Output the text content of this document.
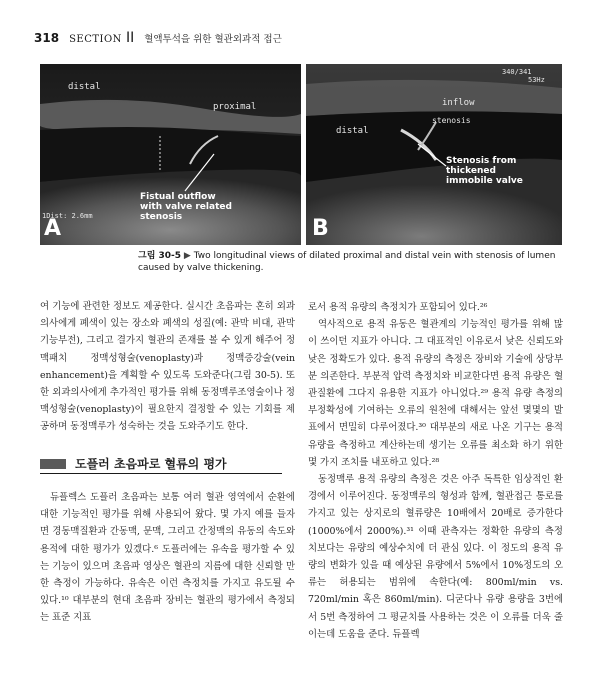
318 SECTION II 혈액투석을 위한 혈관외과적 접근
distal
proximal
Fistual outflow
with valve related
stenosis
1Dist: 2.6mm
A
340/341
53Hz
inflow
stenosis
distal
Stenosis from
thickened
immobile valve
B
그림 30-5 ▶ Two longitudinal views of dilated proximal and distal vein with stenosis of lumen caused by valve thickening.

여 기능에 관련한 정보도 제공한다. 실시간 초음파는 혼히 외과의사에게 폐색이 있는 장소와 폐색의 성질(예: 관막 비대, 관막 기능부전), 그리고 결가지 혈관의 존재를 볼 수 있게 해주어 정맥패치 정맥성형술(venoplasty)과 정맥증강술(vein enhancement)을 계획할 수 있도록 도와준다(그림 30-5). 또한 외과의사에게 추가적인 평가를 위해 동정맥루조영술이나 정맥성형술(venoplasty)이 필요한지 결정할 수 있는 기회를 제공하며 동정맥루가 성숙하는 것을 도와주기도 한다.

도플러 초음파로 혈류의 평가

듀플렉스 도플러 초음파는 보통 여러 혈관 영역에서 순환에 대한 기능적인 평가를 위해 사용되어 왔다. 몇 가지 예를 들자면 경동맥질환과 간동맥, 문맥, 그리고 간정맥의 유동의 속도와 용적에 대한 평가가 있겠다.⁶ 도플러에는 유속을 평가할 수 있는 기능이 있으며 초음파 영상은 혈관의 지름에 대한 신뢰할 만한 측정이 가능하다. 유속은 이런 측정치를 가지고 유도될 수 있다.¹⁰ 대부분의 현대 초음파 장비는 혈관의 평가에서 측정되는 표준 지표

로서 용적 유량의 측정치가 포함되어 있다.²⁶

역사적으로 용적 유동은 혈관계의 기능적인 평가를 위해 많이 쓰이던 지표가 아니다. 그 대표적인 이유로서 낮은 신뢰도와 낮은 정확도가 있다. 용적 유량의 측정은 장비와 기술에 상당부분 의존한다. 부분적 압력 측정치와 비교한다면 용적 유량은 혈관질환에 그다지 유용한 지표가 아니었다.²⁹ 용적 유량 측정의 부정확성에 기여하는 오류의 원천에 대해서는 앞선 몇몇의 발표에서 면밀히 다루어졌다.³⁰ 대부분의 새로 나온 기구는 용적 유량을 측정하고 계산하는데 생기는 오류를 최소화 하기 위한 몇 가지 조치를 내포하고 있다.²⁸

동정맥루 용적 유량의 측정은 것은 아주 독특한 임상적인 환경에서 이루어진다. 동정맥루의 형성과 함께, 혈관접근 통로를 가지고 있는 상지로의 혈류량은 10배에서 20배로 증가한다(1000%에서 2000%).³¹ 이때 관측자는 정확한 유량의 측정치보다는 유량의 예상수치에 더 관심 있다. 이 정도의 용적 유량의 변화가 있을 때 예상된 유량에서 5%에서 10%정도의 오류는 허용되는 범위에 속한다(예: 800ml/min vs. 720ml/min 혹은 860ml/min). 디굳다나 유량 용량을 3번에서 5번 측정하여 그 평균치를 사용하는 것은 이 오류를 더욱 줄이는데 도움을 준다. 듀플렉
